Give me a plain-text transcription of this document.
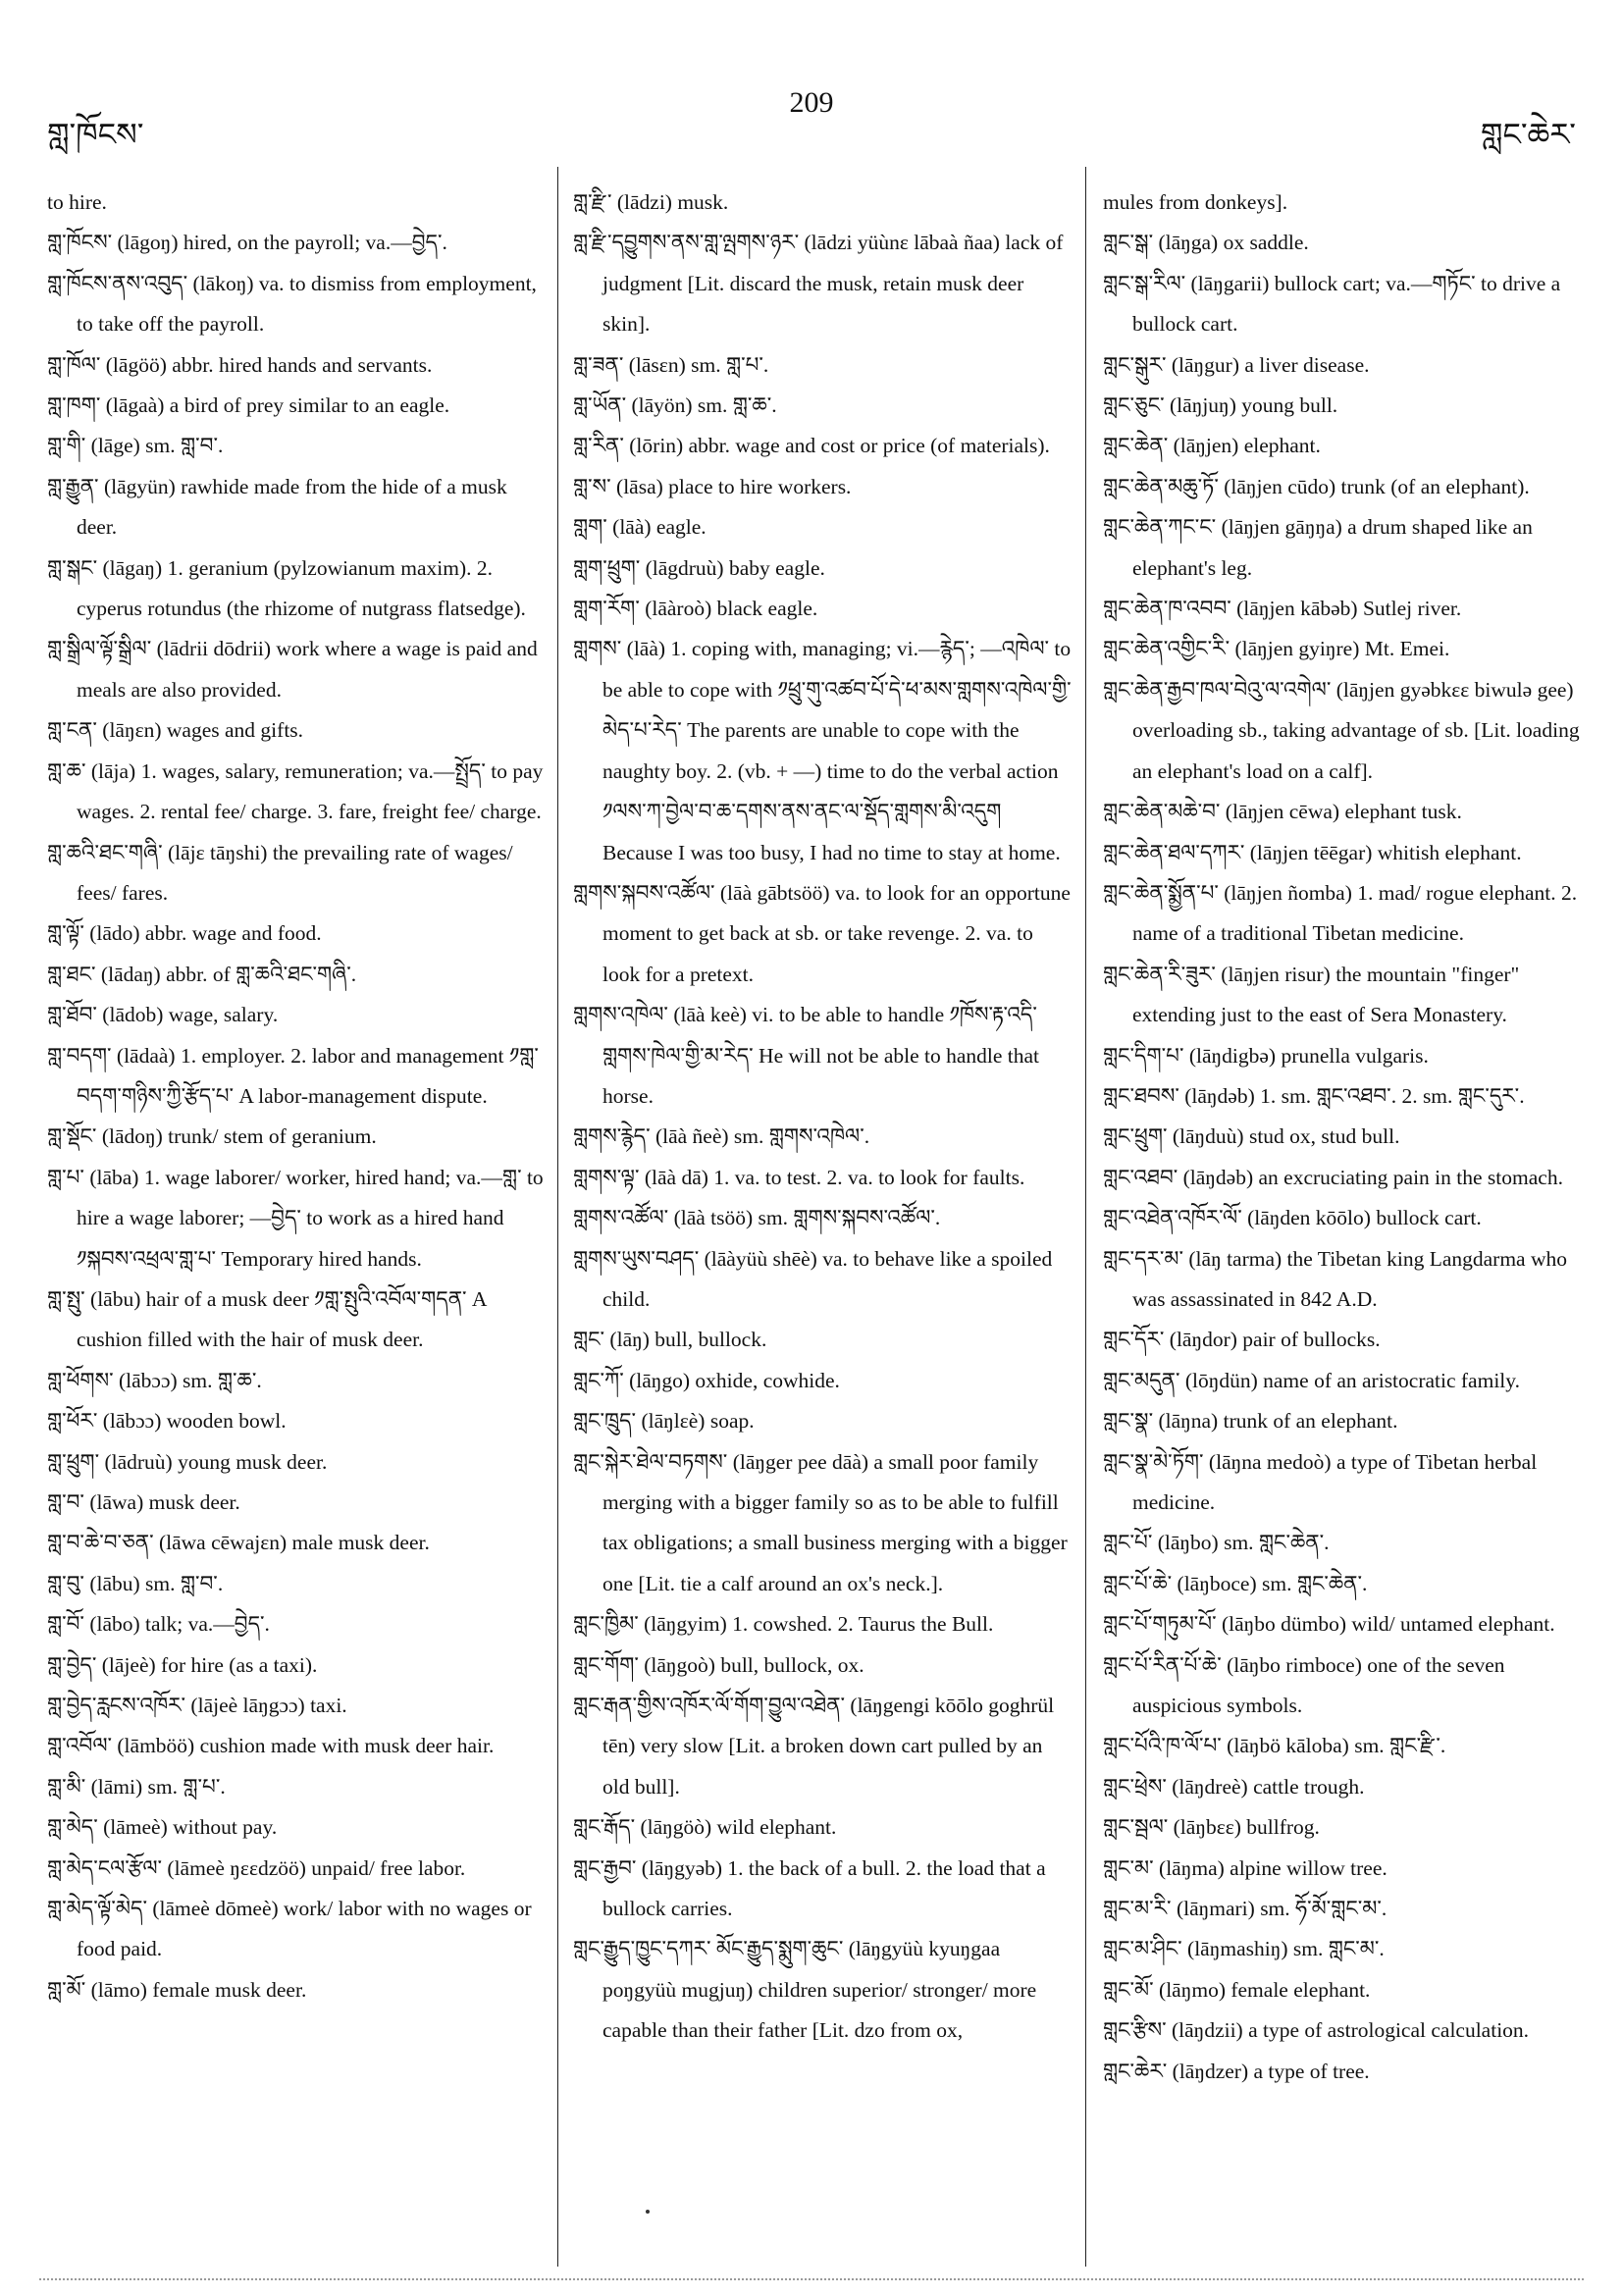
གླ་ཁོངས་
209
གླང་ཆེར་

to hire.

གླ་ཁོངས་ (lāgoŋ) hired, on the payroll; va.—བྱེད་.

གླ་ཁོངས་ནས་འབུད་ (lākoŋ) va. to dismiss from employment, to take off the payroll.

གླ་ཁོལ་ (lāgöö) abbr. hired hands and servants.

གླ་ཁག་ (lāgaà) a bird of prey similar to an eagle.

གླ་གི་ (lāge) sm. གླ་བ་.

གླ་རྒྱུན་ (lāgyün) rawhide made from the hide of a musk deer.

གླ་སྒང་ (lāgaŋ) 1. geranium (pylzowianum maxim). 2. cyperus rotundus (the rhizome of nutgrass flatsedge).

གླ་སྒྲིལ་ལྟོ་སྒྲིལ་ (lādrii dōdrii) work where a wage is paid and meals are also provided.

གླ་ངན་ (lāŋɛn) wages and gifts.

གླ་ཆ་ (lāja) 1. wages, salary, remuneration; va.—སྤྲོད་ to pay wages. 2. rental fee/ charge. 3. fare, freight fee/ charge.

གླ་ཆའི་ཐང་གཞི་ (lājɛ tāŋshi) the prevailing rate of wages/ fees/ fares.

གླ་ལྟོ་ (lādo) abbr. wage and food.

གླ་ཐང་ (lādaŋ) abbr. of གླ་ཆའི་ཐང་གཞི་.

གླ་ཐོབ་ (lādob) wage, salary.

གླ་བདག་ (lādaà) 1. employer. 2. labor and management ༡གླ་བདག་གཉིས་ཀྱི་རྩོད་པ་ A labor-management dispute.

གླ་སྡོང་ (lādoŋ) trunk/ stem of geranium.

གླ་པ་ (lāba) 1. wage laborer/ worker, hired hand; va.—གླ་ to hire a wage laborer; —བྱེད་ to work as a hired hand ༡སྐབས་འཕྲལ་གླ་པ་ Temporary hired hands.

གླ་སྤུ་ (lābu) hair of a musk deer ༡གླ་སྤུའི་འབོལ་གདན་ A cushion filled with the hair of musk deer.

གླ་ཕོགས་ (lābɔɔ) sm. གླ་ཆ་.

གླ་ཕོར་ (lābɔɔ) wooden bowl.

གླ་ཕྲུག་ (lādruù) young musk deer.

གླ་བ་ (lāwa) musk deer.

གླ་བ་ཆེ་བ་ཅན་ (lāwa cēwajɛn) male musk deer.

གླ་བུ་ (lābu) sm. གླ་བ་.

གླ་བོ་ (lābo) talk; va.—བྱེད་.

གླ་བྱེད་ (lājeè) for hire (as a taxi).

གླ་བྱེད་རླངས་འཁོར་ (lājeè lāŋgɔɔ) taxi.

གླ་འབོལ་ (lāmböö) cushion made with musk deer hair.

གླ་མི་ (lāmi) sm. གླ་པ་.

གླ་མེད་ (lāmeè) without pay.

གླ་མེད་ངལ་རྩོལ་ (lāmeè ŋɛɛdzöö) unpaid/ free labor.

གླ་མེད་ལྟོ་མེད་ (lāmeè dōmeè) work/ labor with no wages or food paid.

གླ་མོ་ (lāmo) female musk deer.

གླ་རྫི་ (lādzi) musk.

གླ་རྫི་དབྱུགས་ནས་གླ་ལྤགས་ཉར་ (lādzi yüùnɛ lābaà ñaa) lack of judgment [Lit. discard the musk, retain musk deer skin].

གླ་ཟན་ (lāsɛn) sm. གླ་པ་.

གླ་ཡོན་ (lāyön) sm. གླ་ཆ་.

གླ་རིན་ (lōrin) abbr. wage and cost or price (of materials).

གླ་ས་ (lāsa) place to hire workers.

གླག་ (lāà) eagle.

གླག་ཕྲུག་ (lāgdruù) baby eagle.

གླག་རོག་ (lāàroò) black eagle.

གླགས་ (lāà) 1. coping with, managing; vi.—རྙེད་; —འཁེལ་ to be able to cope with ༡ཕྲུ་གུ་འཚབ་པོ་དེ་ཕ་མས་གླགས་འཁེལ་གྱི་མེད་པ་རེད་ The parents are unable to cope with the naughty boy. 2. (vb. + —) time to do the verbal action ༡ལས་ཀ་བྱེལ་བ་ཆ་དགས་ནས་ནང་ལ་སྡོད་གླགས་མི་འདུག Because I was too busy, I had no time to stay at home.

གླགས་སྐབས་འཚོལ་ (lāà gābtsöö) va. to look for an opportune moment to get back at sb. or take revenge. 2. va. to look for a pretext.

གླགས་འཁེལ་ (lāà keè) vi. to be able to handle ༡ཁོས་རྟ་འདི་གླགས་ཁེལ་གྱི་མ་རེད་ He will not be able to handle that horse.

གླགས་རྙེད་ (lāà ñeè) sm. གླགས་འཁེལ་.

གླགས་ལྟ་ (lāà dā) 1. va. to test. 2. va. to look for faults.

གླགས་འཚོལ་ (lāà tsöö) sm. གླགས་སྐབས་འཚོལ་.

གླགས་ཡུས་བཤད་ (lāàyüù shēè) va. to behave like a spoiled child.

གླང་ (lāŋ) bull, bullock.

གླང་ཀོ་ (lāŋgo) oxhide, cowhide.

གླང་ཁྲུད་ (lāŋlɛè) soap.

གླང་སྐེར་ཐེལ་བཏགས་ (lāŋger pee dāà) a small poor family merging with a bigger family so as to be able to fulfill tax obligations; a small business merging with a bigger one [Lit. tie a calf around an ox's neck.].

གླང་ཁྱིམ་ (lāŋgyim) 1. cowshed. 2. Taurus the Bull.

གླང་གོག་ (lāŋgoò) bull, bullock, ox.

གླང་རྒན་གྱིས་འཁོར་ལོ་གོག་བྱུལ་འཐེན་ (lāŋgengi kōōlo goghrül tēn) very slow [Lit. a broken down cart pulled by an old bull].

གླང་རྒོད་ (lāŋgöò) wild elephant.

གླང་རྒྱབ་ (lāŋgyəb) 1. the back of a bull. 2. the load that a bullock carries.

གླང་རྒྱུད་ཁྱུང་དཀར་ མོང་རྒྱུད་སྨུག་ཆུང་ (lāŋgyüù kyuŋgaa poŋgyüù mugjuŋ) children superior/ stronger/ more capable than their father [Lit. dzo from ox,

mules from donkeys].

གླང་སྒ་ (lāŋga) ox saddle.

གླང་སྒ་རིལ་ (lāŋgarii) bullock cart; va.—གཏོང་ to drive a bullock cart.

གླང་སྒུར་ (lāŋgur) a liver disease.

གླང་ཅུང་ (lāŋjuŋ) young bull.

གླང་ཆེན་ (lāŋjen) elephant.

གླང་ཆེན་མཆུ་ཏོ་ (lāŋjen cūdo) trunk (of an elephant).

གླང་ཆེན་ཀང་ང་ (lāŋjen gāŋŋa) a drum shaped like an elephant's leg.

གླང་ཆེན་ཁ་འབབ་ (lāŋjen kābəb) Sutlej river.

གླང་ཆེན་འགྱིང་རི་ (lāŋjen gyiŋre) Mt. Emei.

གླང་ཆེན་རྒྱབ་ཁལ་བེའུ་ལ་འགེལ་ (lāŋjen gyəbkɛɛ biwulə gee) overloading sb., taking advantage of sb. [Lit. loading an elephant's load on a calf].

གླང་ཆེན་མཆེ་བ་ (lāŋjen cēwa) elephant tusk.

གླང་ཆེན་ཐལ་དཀར་ (lāŋjen tēēgar) whitish elephant.

གླང་ཆེན་སྨྱོན་པ་ (lāŋjen ñomba) 1. mad/ rogue elephant. 2. name of a traditional Tibetan medicine.

གླང་ཆེན་རི་ཟུར་ (lāŋjen risur) the mountain "finger" extending just to the east of Sera Monastery.

གླང་དིག་པ་ (lāŋdigbə) prunella vulgaris.

གླང་ཐབས་ (lāŋdəb) 1. sm. གླང་འཐབ་. 2. sm. གླང་དུར་.

གླང་ཕྲུག་ (lāŋduù) stud ox, stud bull.

གླང་འཐབ་ (lāŋdəb) an excruciating pain in the stomach.

གླང་འཐེན་འཁོར་ལོ་ (lāŋden kōōlo) bullock cart.

གླང་དར་མ་ (lāŋ tarma) the Tibetan king Langdarma who was assassinated in 842 A.D.

གླང་དོར་ (lāŋdor) pair of bullocks.

གླང་མདུན་ (lōŋdün) name of an aristocratic family.

གླང་སྣ་ (lāŋna) trunk of an elephant.

གླང་སྣ་མེ་ཏོག་ (lāŋna medoò) a type of Tibetan herbal medicine.

གླང་པོ་ (lāŋbo) sm. གླང་ཆེན་.

གླང་པོ་ཆེ་ (lāŋboce) sm. གླང་ཆེན་.

གླང་པོ་གཏུམ་པོ་ (lāŋbo dümbo) wild/ untamed elephant.

གླང་པོ་རིན་པོ་ཆེ་ (lāŋbo rimboce) one of the seven auspicious symbols.

གླང་པོའི་ཁ་ལོ་པ་ (lāŋbö kāloba) sm. གླང་རྫི་.

གླང་ཕྲེས་ (lāŋdreè) cattle trough.

གླང་སྦལ་ (lāŋbɛɛ) bullfrog.

གླང་མ་ (lāŋma) alpine willow tree.

གླང་མ་རི་ (lāŋmari) sm. ཧོ་མོ་གླང་མ་.

གླང་མ་ཤིང་ (lāŋmashiŋ) sm. གླང་མ་.

གླང་མོ་ (lāŋmo) female elephant.

གླང་རྩིས་ (lāŋdzii) a type of astrological calculation.

གླང་ཆེར་ (lāŋdzer) a type of tree.
